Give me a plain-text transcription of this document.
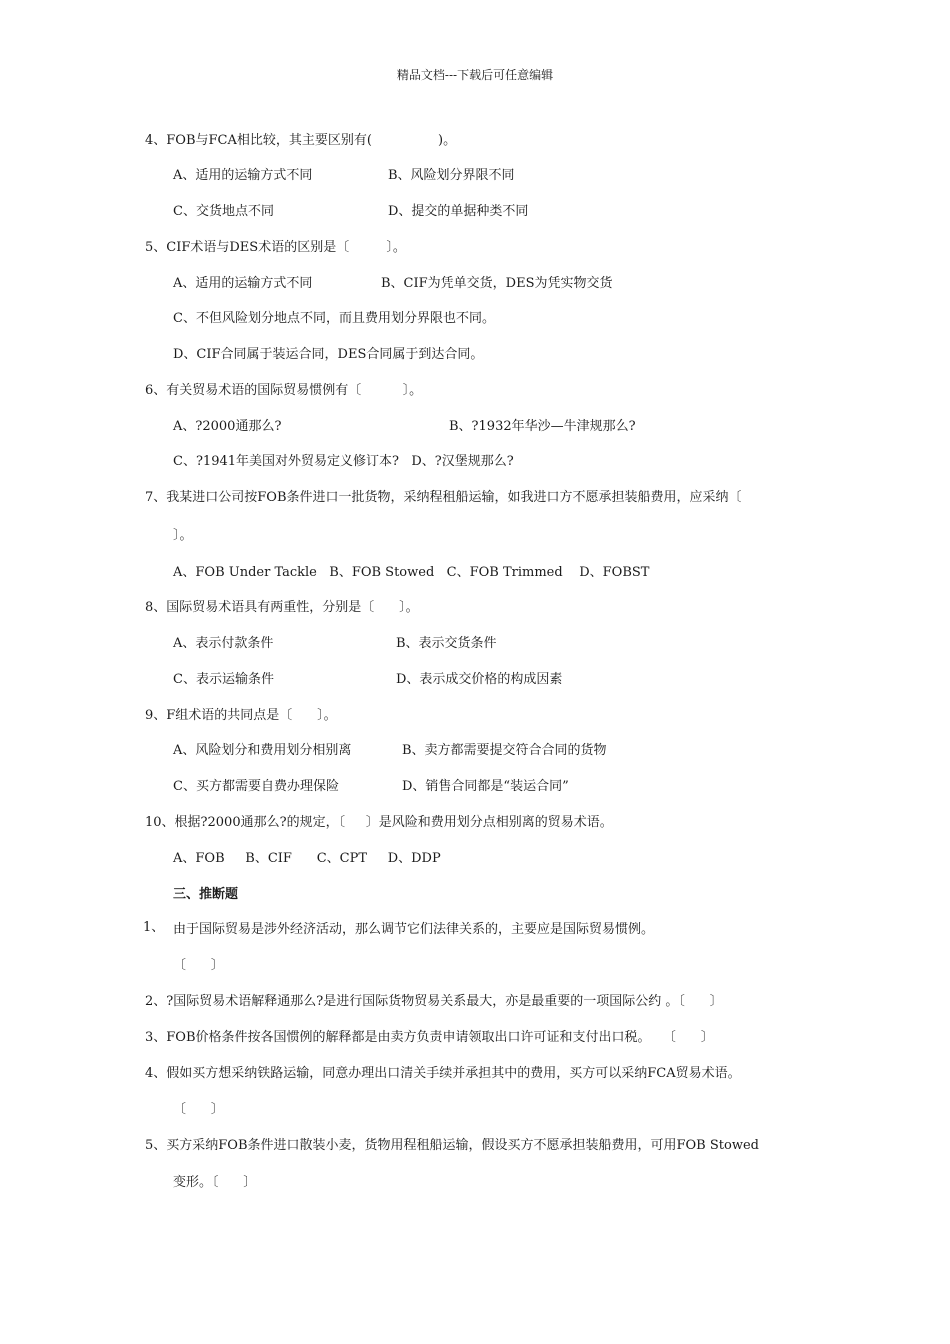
精品文档---下载后可任意编辑
4、FOB与FCA相比较，其主要区别有(                )。
A、适用的运输方式不同	B、风险划分界限不同
C、交货地点不同	D、提交的单据种类不同
5、CIF术语与DES术语的区别是〔         〕。
A、适用的运输方式不同	B、CIF为凭单交货，DES为凭实物交货
C、不但风险划分地点不同，而且费用划分界限也不同。
D、CIF合同属于装运合同，DES合同属于到达合同。
6、有关贸易术语的国际贸易惯例有〔          〕。
A、?2000通那么?	B、?1932年华沙—牛津规那么?
C、?1941年美国对外贸易定义修订本?   D、?汉堡规那么?
7、我某进口公司按FOB条件进口一批货物，采纳程租船运输，如我进口方不愿承担装船费用，应采纳〔
〕。
A、FOB Under Tackle   B、FOB Stowed   C、FOB Trimmed    D、FOBST
8、国际贸易术语具有两重性，分别是〔      〕。
A、表示付款条件	B、表示交货条件
C、表示运输条件	D、表示成交价格的构成因素
9、F组术语的共同点是〔      〕。
A、风险划分和费用划分相别离	B、卖方都需要提交符合合同的货物
C、买方都需要自费办理保险	D、销售合同都是“装运合同”
10、根据?2000通那么?的规定，〔     〕是风险和费用划分点相别离的贸易术语。
A、FOB     B、CIF      C、CPT     D、DDP
三、推断题
1、 由于国际贸易是涉外经济活动，那么调节它们法律关系的，主要应是国际贸易惯例。
〔      〕
2、?国际贸易术语解释通那么?是进行国际货物贸易关系最大，亦是最重要的一项国际公约 。〔      〕
3、FOB价格条件按各国惯例的解释都是由卖方负责申请领取出口许可证和支付出口税。   〔      〕
4、假如买方想采纳铁路运输，同意办理出口清关手续并承担其中的费用，买方可以采纳FCA贸易术语。
〔      〕
5、买方采纳FOB条件进口散装小麦，货物用程租船运输，假设买方不愿承担装船费用，可用FOB Stowed
变形。〔      〕
